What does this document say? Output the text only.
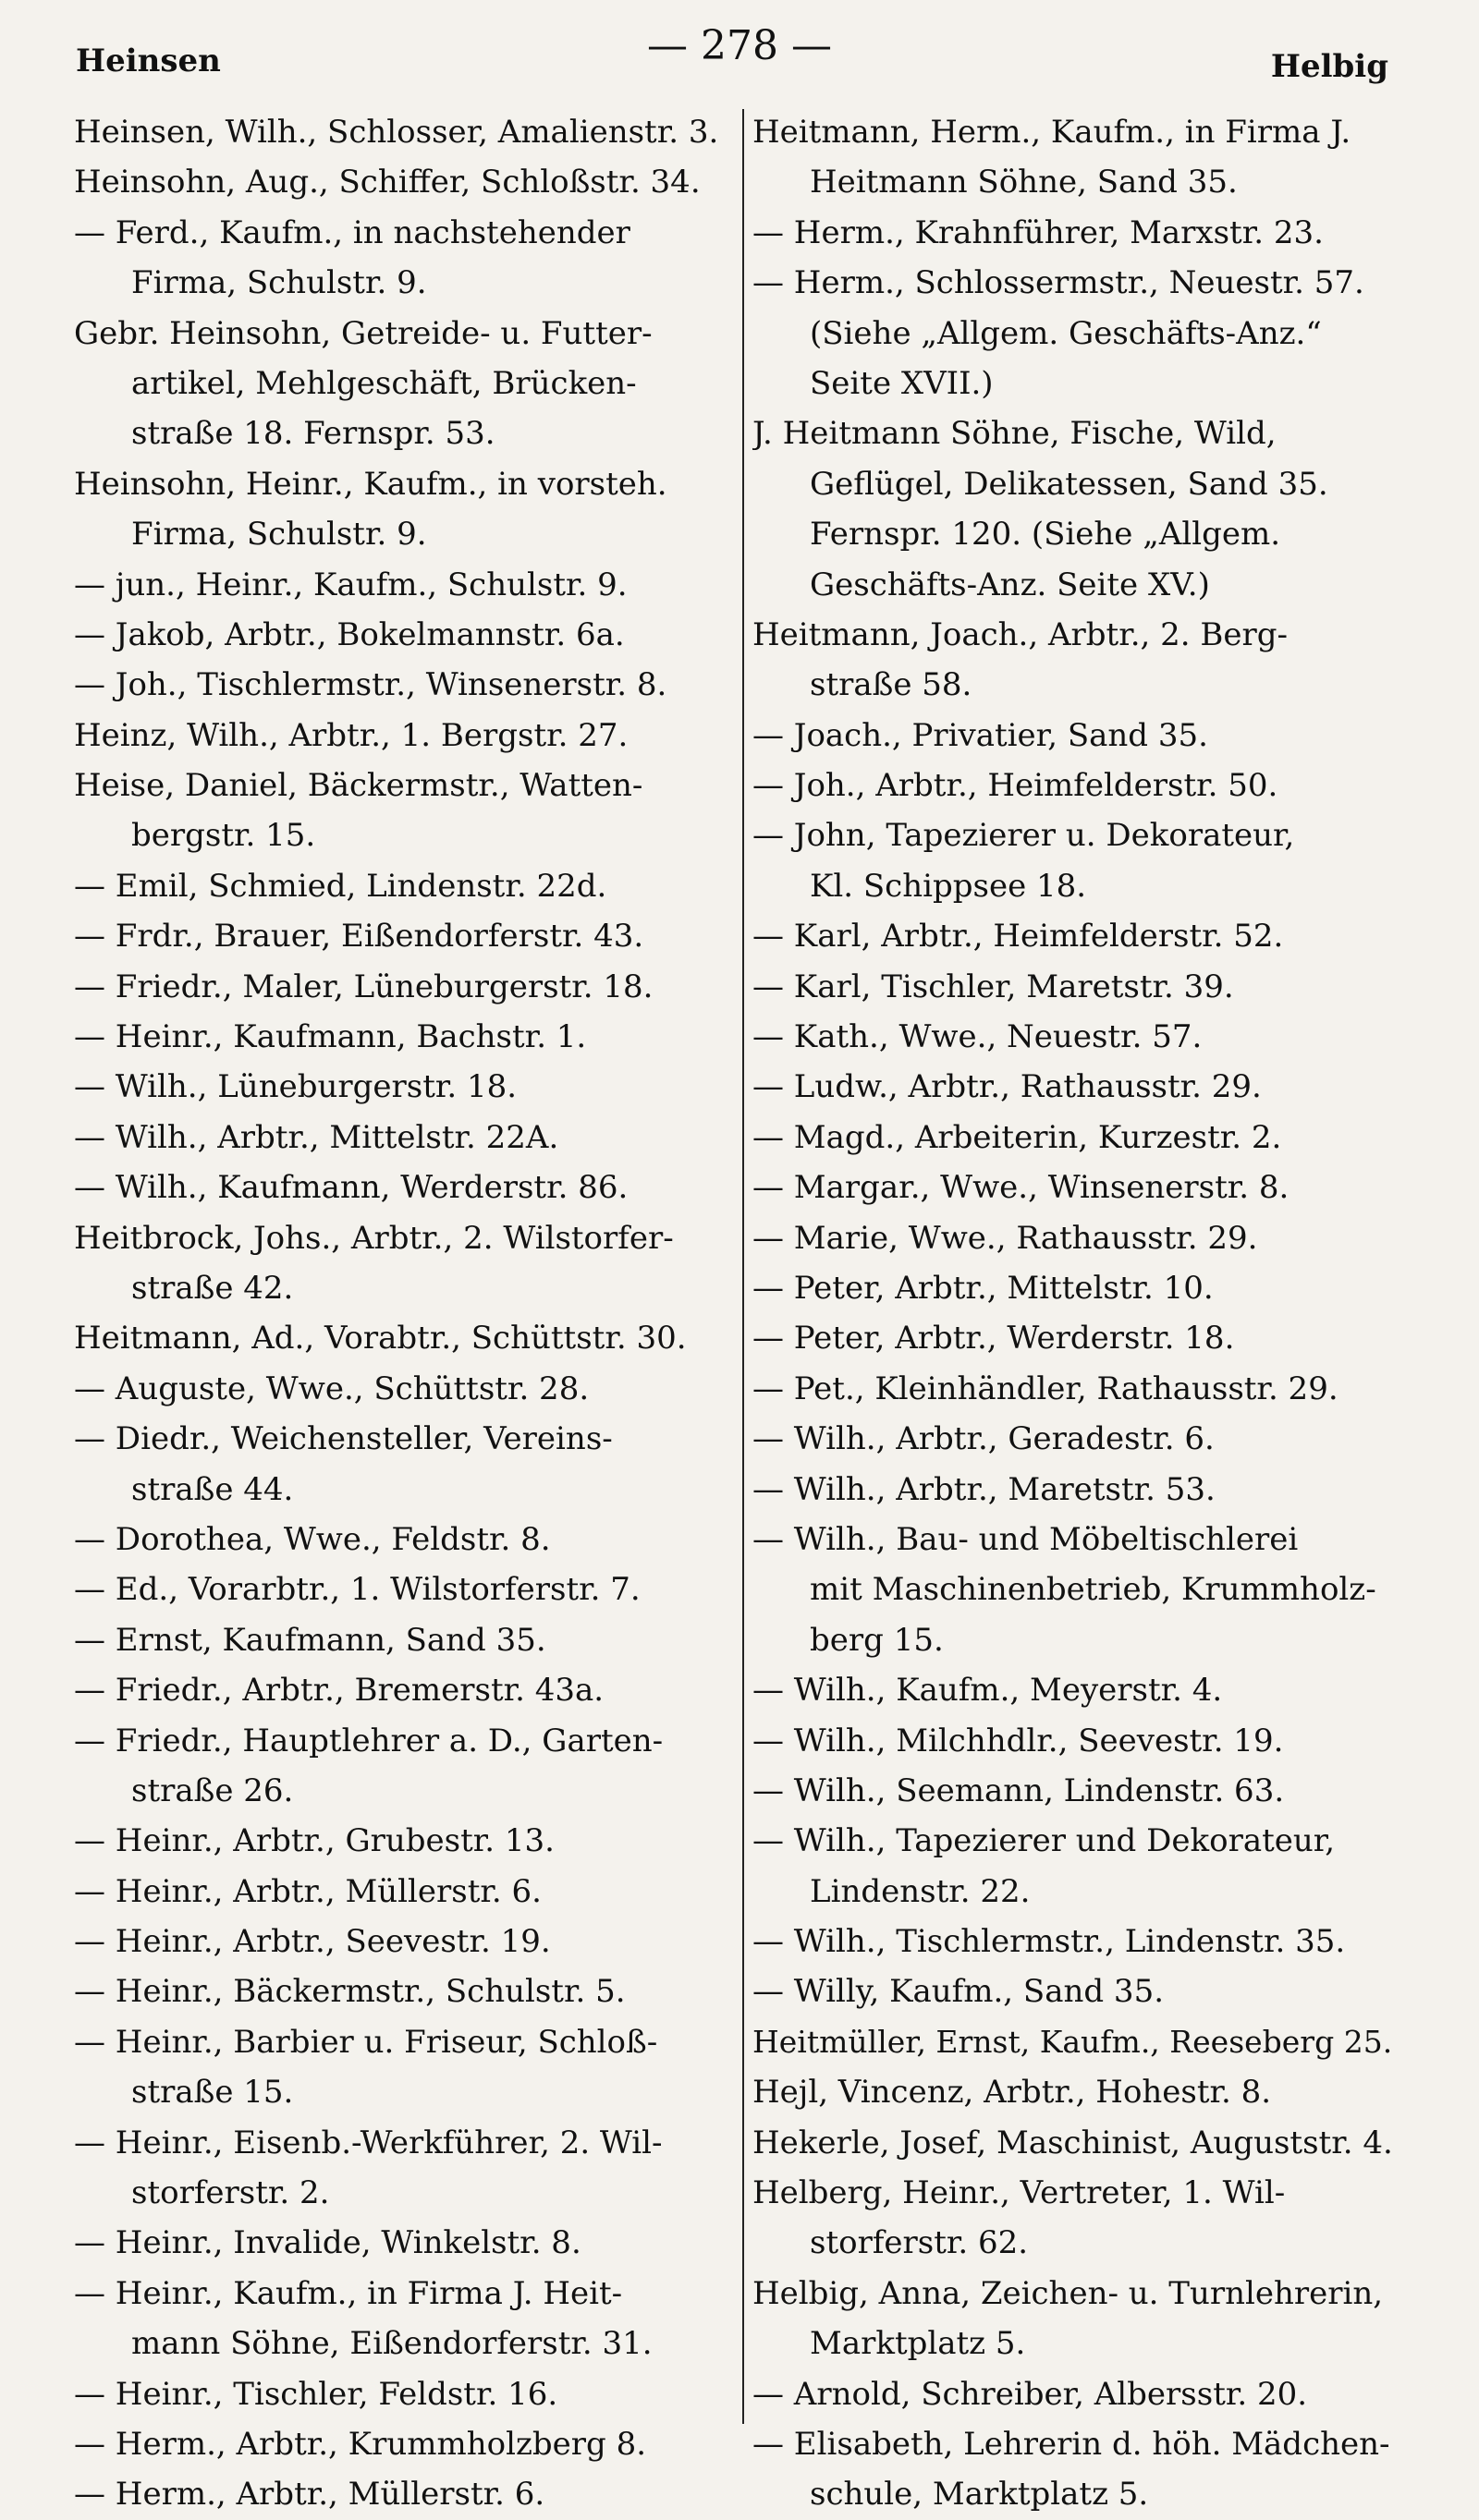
Heinsen	— 278 —	Helbig
Heinsen, Wilh., Schlosser, Amalienstr. 3.
Heinsohn, Aug., Schiffer, Schloßstr. 34.
— Ferd., Kaufm., in nachstehender
Firma, Schulstr. 9.
Gebr. Heinsohn, Getreide- u. Futter-
artikel, Mehlgeschäft, Brücken-
straße 18. Fernspr. 53.
Heinsohn, Heinr., Kaufm., in vorsteh.
Firma, Schulstr. 9.
— jun., Heinr., Kaufm., Schulstr. 9.
— Jakob, Arbtr., Bokelmannstr. 6a.
— Joh., Tischlermstr., Winsenerstr. 8.
Heinz, Wilh., Arbtr., 1. Bergstr. 27.
Heise, Daniel, Bäckermstr., Watten-
bergstr. 15.
— Emil, Schmied, Lindenstr. 22d.
— Frdr., Brauer, Eißendorferstr. 43.
— Friedr., Maler, Lüneburgerstr. 18.
— Heinr., Kaufmann, Bachstr. 1.
— Wilh., Lüneburgerstr. 18.
— Wilh., Arbtr., Mittelstr. 22A.
— Wilh., Kaufmann, Werderstr. 86.
Heitbrock, Johs., Arbtr., 2. Wilstorfer-
straße 42.
Heitmann, Ad., Vorabtr., Schüttstr. 30.
— Auguste, Wwe., Schüttstr. 28.
— Diedr., Weichensteller, Vereins-
straße 44.
— Dorothea, Wwe., Feldstr. 8.
— Ed., Vorarbtr., 1. Wilstorferstr. 7.
— Ernst, Kaufmann, Sand 35.
— Friedr., Arbtr., Bremerstr. 43a.
— Friedr., Hauptlehrer a. D., Garten-
straße 26.
— Heinr., Arbtr., Grubestr. 13.
— Heinr., Arbtr., Müllerstr. 6.
— Heinr., Arbtr., Seevestr. 19.
— Heinr., Bäckermstr., Schulstr. 5.
— Heinr., Barbier u. Friseur, Schloß-
straße 15.
— Heinr., Eisenb.-Werkführer, 2. Wil-
storferstr. 2.
— Heinr., Invalide, Winkelstr. 8.
— Heinr., Kaufm., in Firma J. Heit-
mann Söhne, Eißendorferstr. 31.
— Heinr., Tischler, Feldstr. 16.
— Herm., Arbtr., Krummholzberg 8.
— Herm., Arbtr., Müllerstr. 6.
Heitmann, Herm., Kaufm., in Firma J.
Heitmann Söhne, Sand 35.
— Herm., Krahnführer, Marxstr. 23.
— Herm., Schlossermstr., Neuestr. 57.
(Siehe „Allgem. Geschäfts-Anz.“
Seite XVII.)
J. Heitmann Söhne, Fische, Wild,
Geflügel, Delikatessen, Sand 35.
Fernspr. 120. (Siehe „Allgem.
Geschäfts-Anz. Seite XV.)
Heitmann, Joach., Arbtr., 2. Berg-
straße 58.
— Joach., Privatier, Sand 35.
— Joh., Arbtr., Heimfelderstr. 50.
— John, Tapezierer u. Dekorateur,
Kl. Schippsee 18.
— Karl, Arbtr., Heimfelderstr. 52.
— Karl, Tischler, Maretstr. 39.
— Kath., Wwe., Neuestr. 57.
— Ludw., Arbtr., Rathausstr. 29.
— Magd., Arbeiterin, Kurzestr. 2.
— Margar., Wwe., Winsenerstr. 8.
— Marie, Wwe., Rathausstr. 29.
— Peter, Arbtr., Mittelstr. 10.
— Peter, Arbtr., Werderstr. 18.
— Pet., Kleinhändler, Rathausstr. 29.
— Wilh., Arbtr., Geradestr. 6.
— Wilh., Arbtr., Maretstr. 53.
— Wilh., Bau- und Möbeltischlerei
mit Maschinenbetrieb, Krummholz-
berg 15.
— Wilh., Kaufm., Meyerstr. 4.
— Wilh., Milchhdlr., Seevestr. 19.
— Wilh., Seemann, Lindenstr. 63.
— Wilh., Tapezierer und Dekorateur,
Lindenstr. 22.
— Wilh., Tischlermstr., Lindenstr. 35.
— Willy, Kaufm., Sand 35.
Heitmüller, Ernst, Kaufm., Reeseberg 25.
Hejl, Vincenz, Arbtr., Hohestr. 8.
Hekerle, Josef, Maschinist, Auguststr. 4.
Helberg, Heinr., Vertreter, 1. Wil-
storferstr. 62.
Helbig, Anna, Zeichen- u. Turnlehrerin,
Marktplatz 5.
— Arnold, Schreiber, Albersstr. 20.
— Elisabeth, Lehrerin d. höh. Mädchen-
schule, Marktplatz 5.
